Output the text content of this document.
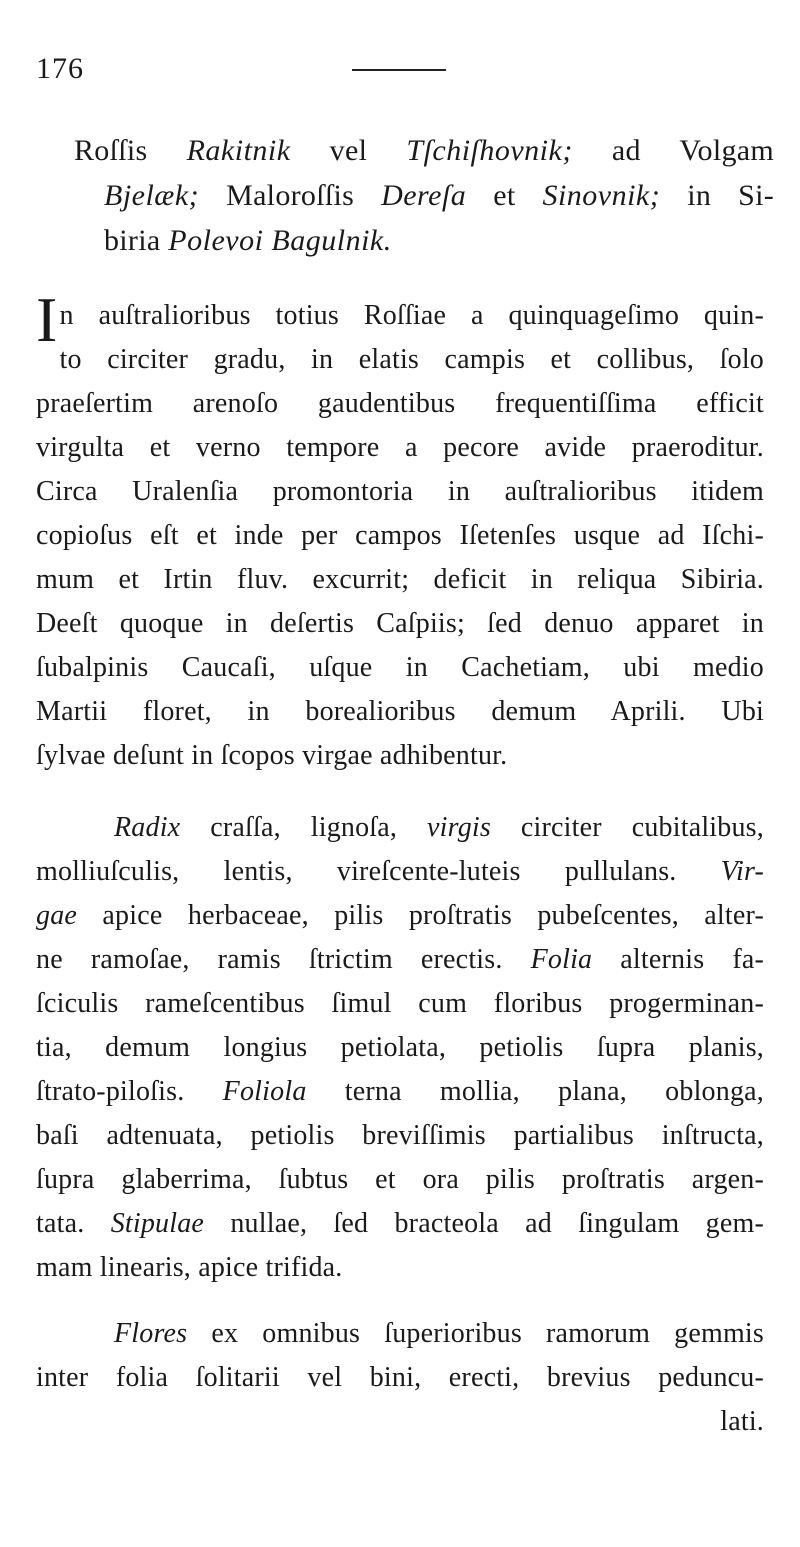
176
Roſſis Rakitnik vel Tſchiſhovnik; ad Volgam
Bjelæk; Maloroſſis Dereſa et Sinovnik; in Si-
biria Polevoi Bagulnik.
I n auſtralioribus totius Roſſiae a quinquageſimo quin-
to circiter gradu, in elatis campis et collibus, ſolo
praeſertim arenoſo gaudentibus frequentiſſima efficit
virgulta et verno tempore a pecore avide praeroditur.
Circa Uralenſia promontoria in auſtralioribus itidem
copioſus eſt et inde per campos Iſetenſes usque ad Iſchi-
mum et Irtin fluv. excurrit; deficit in reliqua Sibiria.
Deeſt quoque in deſertis Caſpiis; ſed denuo apparet in
ſubalpinis Caucaſi, uſque in Cachetiam, ubi medio
Martii floret, in borealioribus demum Aprili. Ubi
ſylvae deſunt in ſcopos virgae adhibentur.
Radix craſſa, lignoſa, virgis circiter cubitalibus,
molliuſculis, lentis, vireſcente-luteis pullulans. Vir-
gae apice herbaceae, pilis proſtratis pubeſcentes, alter-
ne ramoſae, ramis ſtrictim erectis. Folia alternis fa-
ſciculis rameſcentibus ſimul cum floribus progerminan-
tia, demum longius petiolata, petiolis ſupra planis,
ſtrato-piloſis. Foliola terna mollia, plana, oblonga,
baſi adtenuata, petiolis breviſſimis partialibus inſtructa,
ſupra glaberrima, ſubtus et ora pilis proſtratis argen-
tata. Stipulae nullae, ſed bracteola ad ſingulam gem-
mam linearis, apice trifida.
Flores ex omnibus ſuperioribus ramorum gemmis
inter folia ſolitarii vel bini, erecti, brevius peduncu-
lati.
